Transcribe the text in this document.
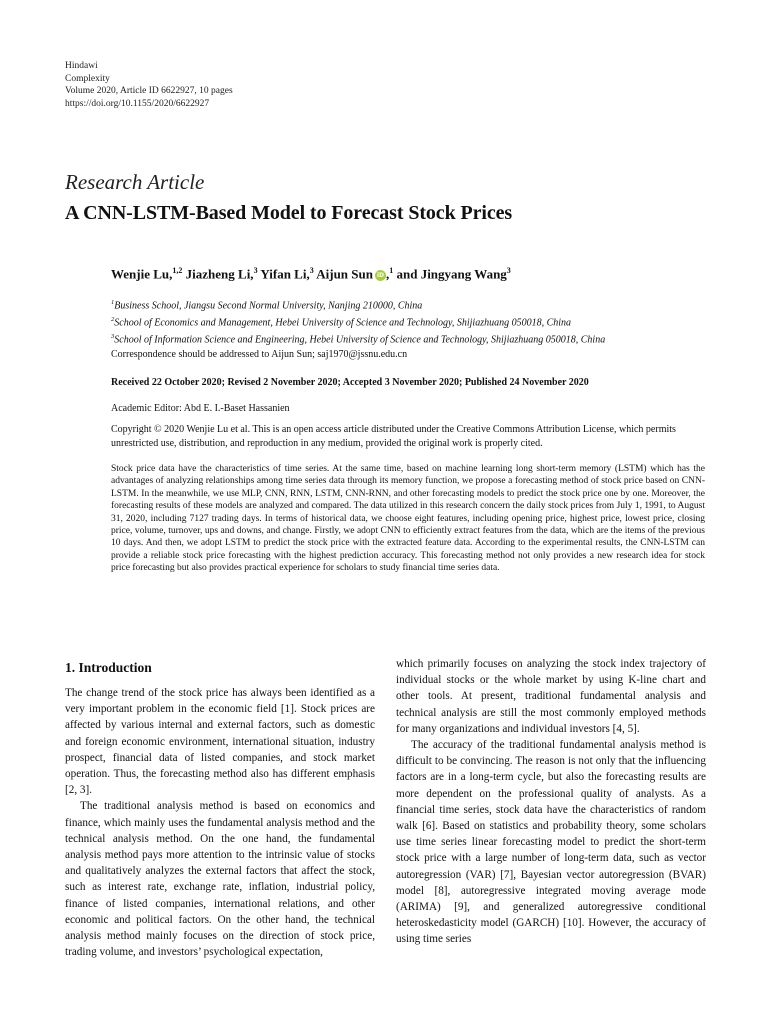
Hindawi
Complexity
Volume 2020, Article ID 6622927, 10 pages
https://doi.org/10.1155/2020/6622927
Research Article
A CNN-LSTM-Based Model to Forecast Stock Prices
Wenjie Lu,$^{1,2}$ Jiazheng Li,$^3$ Yifan Li,$^3$ Aijun Sun iD ,$^1$ and Jingyang Wang$^3$
$^1$Business School, Jiangsu Second Normal University, Nanjing 210000, China
$^2$School of Economics and Management, Hebei University of Science and Technology, Shijiazhuang 050018, China
$^3$School of Information Science and Engineering, Hebei University of Science and Technology, Shijiazhuang 050018, China
Correspondence should be addressed to Aijun Sun; saj1970@jssnu.edu.cn
Received 22 October 2020; Revised 2 November 2020; Accepted 3 November 2020; Published 24 November 2020
Academic Editor: Abd E. I.-Baset Hassanien
Copyright © 2020 Wenjie Lu et al. This is an open access article distributed under the Creative Commons Attribution License, which permits unrestricted use, distribution, and reproduction in any medium, provided the original work is properly cited.
Stock price data have the characteristics of time series. At the same time, based on machine learning long short-term memory (LSTM) which has the advantages of analyzing relationships among time series data through its memory function, we propose a forecasting method of stock price based on CNN-LSTM. In the meanwhile, we use MLP, CNN, RNN, LSTM, CNN-RNN, and other forecasting models to predict the stock price one by one. Moreover, the forecasting results of these models are analyzed and compared. The data utilized in this research concern the daily stock prices from July 1, 1991, to August 31, 2020, including 7127 trading days. In terms of historical data, we choose eight features, including opening price, highest price, lowest price, closing price, volume, turnover, ups and downs, and change. Firstly, we adopt CNN to efficiently extract features from the data, which are the items of the previous 10 days. And then, we adopt LSTM to predict the stock price with the extracted feature data. According to the experimental results, the CNN-LSTM can provide a reliable stock price forecasting with the highest prediction accuracy. This forecasting method not only provides a new research idea for stock price forecasting but also provides practical experience for scholars to study financial time series data.
1. Introduction

The change trend of the stock price has always been identified as a very important problem in the economic field [1]. Stock prices are affected by various internal and external factors, such as domestic and foreign economic environment, international situation, industry prospect, financial data of listed companies, and stock market operation. Thus, the forecasting method also has different emphasis [2, 3].

The traditional analysis method is based on economics and finance, which mainly uses the fundamental analysis method and the technical analysis method. On the one hand, the fundamental analysis method pays more attention to the intrinsic value of stocks and qualitatively analyzes the external factors that affect the stock, such as interest rate, exchange rate, inflation, industrial policy, finance of listed companies, international relations, and other economic and political factors. On the other hand, the technical analysis method mainly focuses on the direction of stock price, trading volume, and investors’ psychological expectation,

which primarily focuses on analyzing the stock index trajectory of individual stocks or the whole market by using K-line chart and other tools. At present, traditional fundamental analysis and technical analysis are still the most commonly employed methods for many organizations and individual investors [4, 5].

The accuracy of the traditional fundamental analysis method is difficult to be convincing. The reason is not only that the influencing factors are in a long-term cycle, but also the forecasting results are more dependent on the professional quality of analysts. As a financial time series, stock data have the characteristics of random walk [6]. Based on statistics and probability theory, some scholars use time series linear forecasting model to predict the short-term stock price with a large number of long-term data, such as vector autoregression (VAR) [7], Bayesian vector autoregression (BVAR) model [8], autoregressive integrated moving average mode (ARIMA) [9], and generalized autoregressive conditional heteroskedasticity model (GARCH) [10]. However, the accuracy of using time series
